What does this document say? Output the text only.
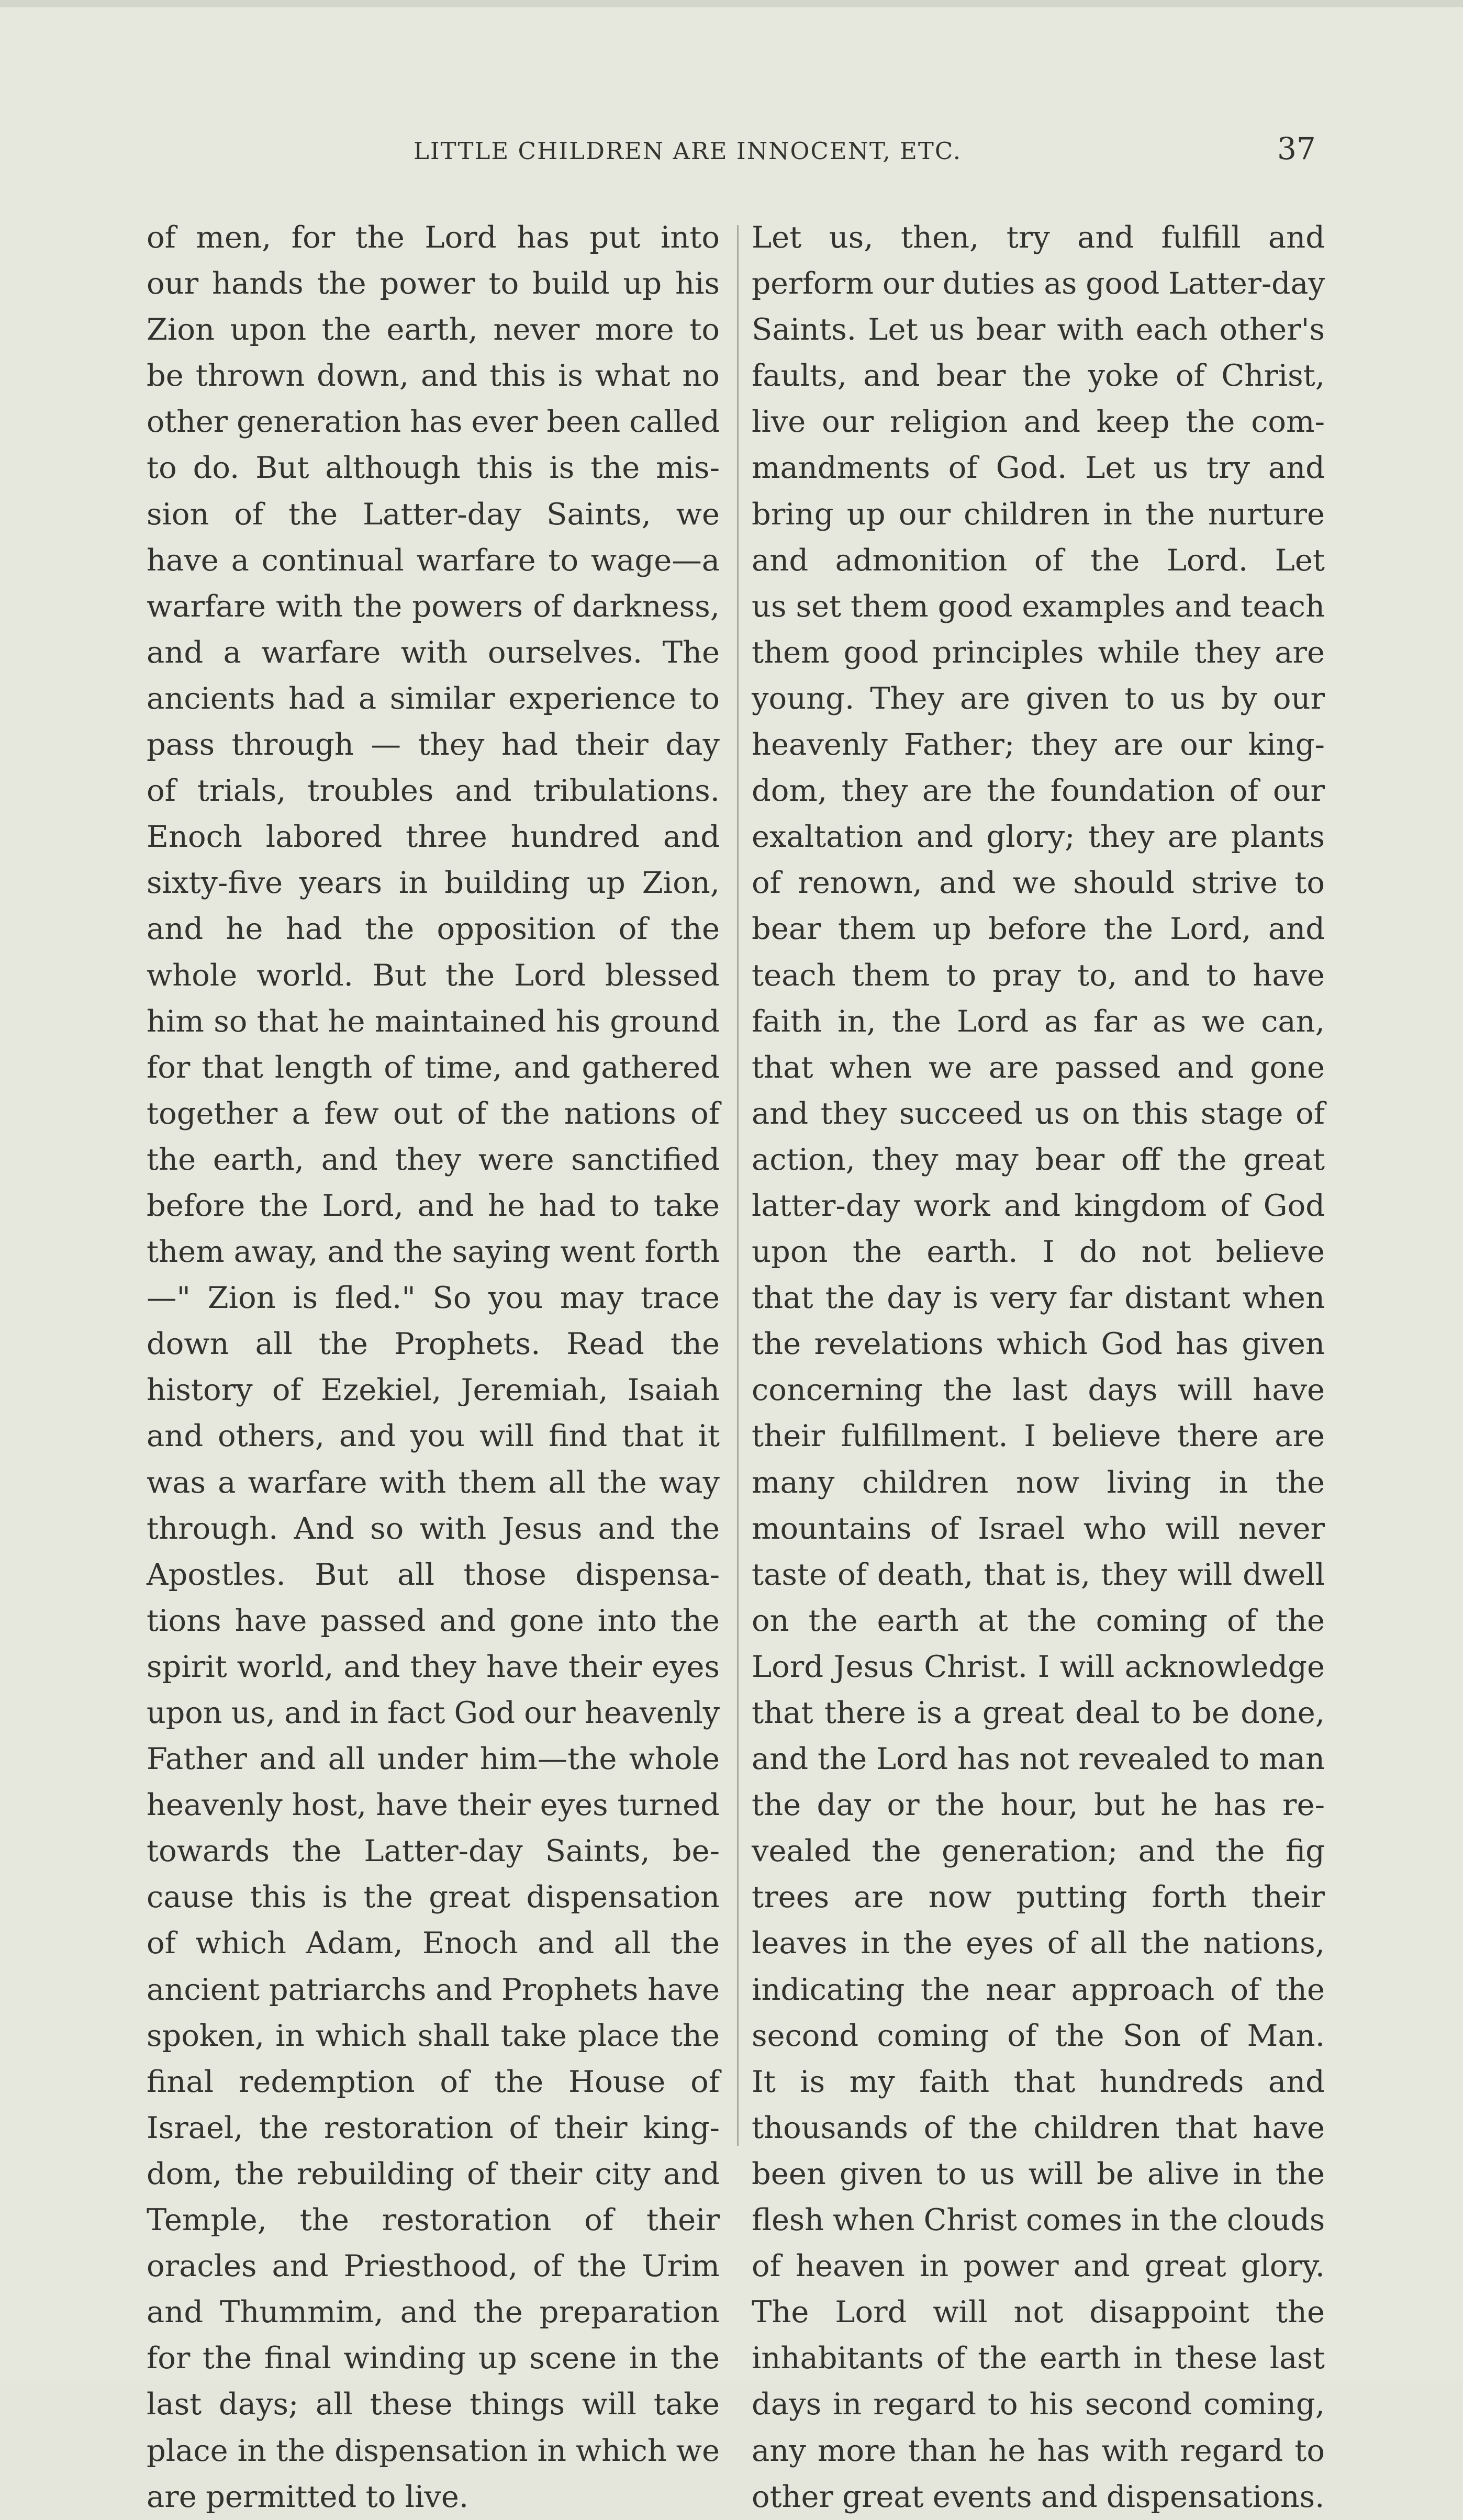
LITTLE CHILDREN ARE INNOCENT, ETC.	37
of men, for the Lord has put into
our hands the power to build up his
Zion upon the earth, never more to
be thrown down, and this is what no
other generation has ever been called
to do. But although this is the mis-
sion of the Latter-day Saints, we
have a continual warfare to wage—a
warfare with the powers of darkness,
and a warfare with ourselves. The
ancients had a similar experience to
pass through — they had their day
of trials, troubles and tribulations.
Enoch labored three hundred and
sixty-five years in building up Zion,
and he had the opposition of the
whole world. But the Lord blessed
him so that he maintained his ground
for that length of time, and gathered
together a few out of the nations of
the earth, and they were sanctified
before the Lord, and he had to take
them away, and the saying went forth
—" Zion is fled." So you may trace
down all the Prophets. Read the
history of Ezekiel, Jeremiah, Isaiah
and others, and you will find that it
was a warfare with them all the way
through. And so with Jesus and the
Apostles. But all those dispensa-
tions have passed and gone into the
spirit world, and they have their eyes
upon us, and in fact God our heavenly
Father and all under him—the whole
heavenly host, have their eyes turned
towards the Latter-day Saints, be-
cause this is the great dispensation
of which Adam, Enoch and all the
ancient patriarchs and Prophets have
spoken, in which shall take place the
final redemption of the House of
Israel, the restoration of their king-
dom, the rebuilding of their city and
Temple, the restoration of their
oracles and Priesthood, of the Urim
and Thummim, and the preparation
for the final winding up scene in the
last days; all these things will take
place in the dispensation in which we
are permitted to live.
Let us, then, try and fulfill and
perform our duties as good Latter-day
Saints. Let us bear with each other's
faults, and bear the yoke of Christ,
live our religion and keep the com-
mandments of God. Let us try and
bring up our children in the nurture
and admonition of the Lord. Let
us set them good examples and teach
them good principles while they are
young. They are given to us by our
heavenly Father; they are our king-
dom, they are the foundation of our
exaltation and glory; they are plants
of renown, and we should strive to
bear them up before the Lord, and
teach them to pray to, and to have
faith in, the Lord as far as we can,
that when we are passed and gone
and they succeed us on this stage of
action, they may bear off the great
latter-day work and kingdom of God
upon the earth. I do not believe
that the day is very far distant when
the revelations which God has given
concerning the last days will have
their fulfillment. I believe there are
many children now living in the
mountains of Israel who will never
taste of death, that is, they will dwell
on the earth at the coming of the
Lord Jesus Christ. I will acknowledge
that there is a great deal to be done,
and the Lord has not revealed to man
the day or the hour, but he has re-
vealed the generation; and the fig
trees are now putting forth their
leaves in the eyes of all the nations,
indicating the near approach of the
second coming of the Son of Man.
It is my faith that hundreds and
thousands of the children that have
been given to us will be alive in the
flesh when Christ comes in the clouds
of heaven in power and great glory.
The Lord will not disappoint the
inhabitants of the earth in these last
days in regard to his second coming,
any more than he has with regard to
other great events and dispensations.
